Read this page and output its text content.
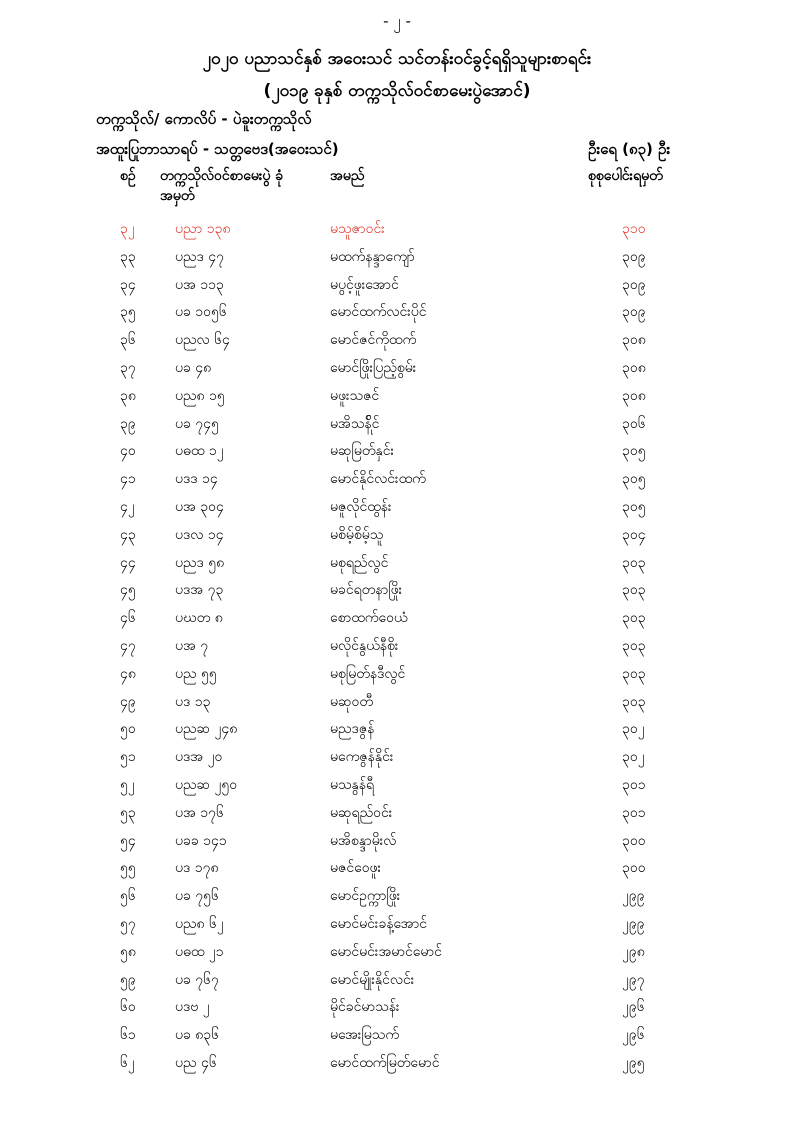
- ၂ -
၂၀၂၀ ပညာသင်နှစ် အဝေးသင် သင်တန်းဝင်ခွင့်ရရှိသူများစာရင်း
(၂၀၁၉ ခုနှစ် တက္ကသိုလ်ဝင်စာမေးပွဲအောင်)
တက္ကသိုလ်/ ကောလိပ် - ပဲခူးတက္ကသိုလ်
အထူးပြုဘာသာရပ် - သတ္တဗေဒ(အဝေးသင်)	ဦးရေ (၈၃) ဦး
စဉ် တက္ကသိုလ်ဝင်စာမေးပွဲ ခုံအမှတ်
အမည်	စုစုပေါင်းရမှတ်
၃၂	ပညာ ၁၃၈	မသူဇာဝင်း	၃၁၀
၃၃	ပညဒ ၄၇	မထက်နန္ဒာကျော်	၃၀၉
၃၄	ပအ ၁၁၃	မပွင့်ဖူးအောင်	၃၀၉
၃၅	ပခ ၁၀၅၆	မောင်ထက်လင်းပိုင်	၃၀၉
၃၆	ပညလ ၆၄	မောင်ဇင်ကိုထက်	၃၀၈
၃၇	ပခ ၄၈	မောင်ဖြိုးပြည့်စွမ်း	၃၀၈
၃၈	ပည၈ ၁၅	မဖူးသဇင်	၃၀၈
၃၉	ပခ ၇၄၅	မအိသန်ိုင်	၃၀၆
၄၀	ပဓထ ၁၂	မဆုမြတ်နှင်း	၃၀၅
၄၁	ပဒဒ ၁၄	မောင်နိုင်လင်းထက်	၃၀၅
၄၂	ပအ ၃၀၄	မဇူလိုင်ထွန်း	၃၀၅
၄၃	ပဒလ ၁၄	မစိမ့်စိမ့်သူ	၃၀၄
၄၄	ပညဒ ၅၈	မစုရည်လွင်	၃၀၃
၄၅	ပဒအ ၇၃	မခင်ရတနာဖြိုး	၃၀၃
၄၆	ပဃတ ၈	စောထက်ဝေယံ	၃၀၃
၄၇	ပအ ၇	မလိုင်နွယ်နီစိုး	၃၀၃
၄၈	ပည ၅၅	မစုမြတ်နဒီလွင်	၃၀၃
၄၉	ပဒ ၁၃	မဆုဝတီ	၃၀၃
၅၀	ပညဆ ၂၄၈	မညဒဇွန်	၃၀၂
၅၁	ပဒအ ၂၀	မကေဇွန်နိုင်း	၃၀၂
၅၂	ပညဆ ၂၅၀	မသနွန်ရီ	၃၀၁
၅၃	ပအ ၁၇၆	မဆုရည်ဝင်း	၃၀၁
၅၄	ပခခ ၁၄၁	မအိစန္ဒာမိုးလ်	၃၀၀
၅၅	ပဒ ၁၇၈	မဇင်ဝေဖူး	၃၀၀
၅၆	ပခ ၇၅၆	မောင်ဥက္ကာဖြိုး	၂၉၉
၅၇	ပည၈ ၆၂	မောင်မင်းခန့်အောင်	၂၉၉
၅၈	ပဓထ ၂၁	မောင်မင်းအမာင်မောင်	၂၉၈
၅၉	ပခ ၇၆၇	မောင်မျိုးနိုင်လင်း	၂၉၇
၆၀	ပဒဗ ၂	မိုင်ခင်မာသန်း	၂၉၆
၆၁	ပခ ၈၃၆	မအေးမြသက်	၂၉၆
၆၂	ပည ၄၆	မောင်ထက်မြတ်မောင်	၂၉၅
